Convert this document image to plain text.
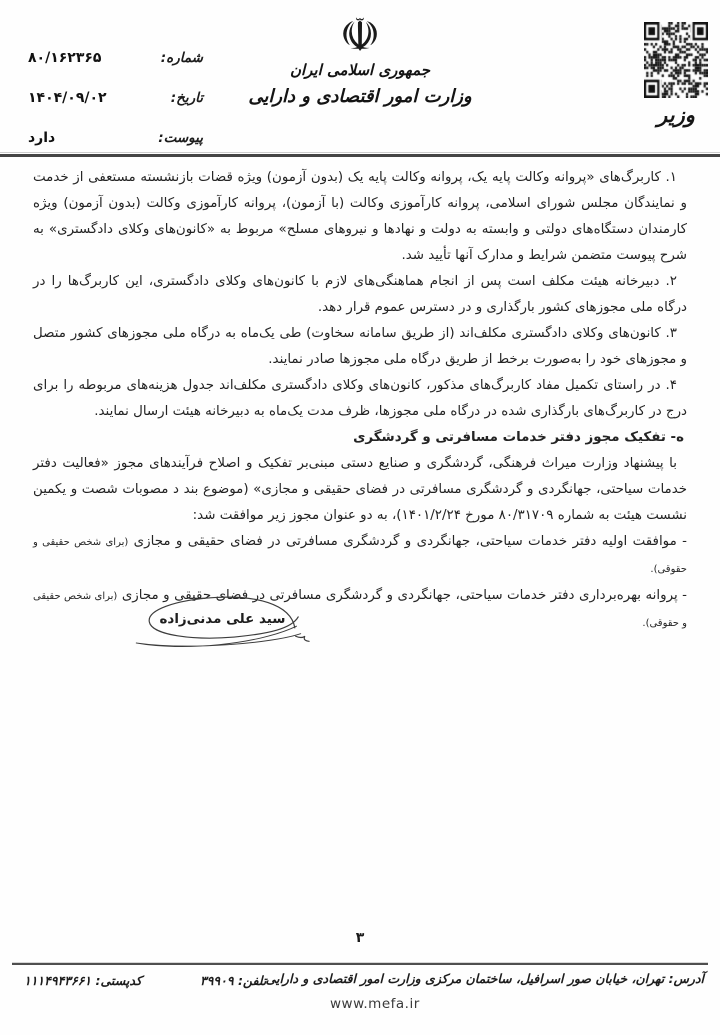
شماره:
۸۰/۱۶۲۳۶۵
تاریخ:
۱۴۰۴/۰۹/۰۲
پیوست:
دارد
☫
جمهوری اسلامی ایران
وزارت امور اقتصادی و دارایی
وزیر

۱. کاربرگ‌های «پروانه وکالت پایه یک، پروانه وکالت پایه یک (بدون آزمون) ویژه قضات بازنشسته مستعفی از خدمت و نمایندگان مجلس شورای اسلامی، پروانه کارآموزی وکالت (با آزمون)، پروانه کارآموزی وکالت (بدون آزمون) ویژه کارمندان دستگاه‌های دولتی و وابسته به دولت و نهادها و نیروهای مسلح» مربوط به «کانون‌های وکلای دادگستری» به شرح پیوست متضمن شرایط و مدارک آنها تأیید شد.

۲. دبیرخانه هیئت مکلف است پس از انجام هماهنگی‌های لازم با کانون‌های وکلای دادگستری، این کاربرگ‌ها را در درگاه ملی مجوزهای کشور بارگذاری و در دسترس عموم قرار دهد.

۳. کانون‌های وکلای دادگستری مکلف‌اند (از طریق سامانه سخاوت) طی یک‌ماه به درگاه ملی مجوزهای کشور متصل و مجوزهای خود را به‌صورت برخط از طریق درگاه ملی مجوزها صادر نمایند.

۴. در راستای تکمیل مفاد کاربرگ‌های مذکور، کانون‌های وکلای دادگستری مکلف‌اند جدول هزینه‌های مربوطه را برای درج در کاربرگ‌های بارگذاری شده در درگاه ملی مجوزها، ظرف مدت یک‌ماه به دبیرخانه هیئت ارسال نمایند.

ه- تفکیک مجوز دفتر خدمات مسافرتی و گردشگری

با پیشنهاد وزارت میراث فرهنگی، گردشگری و صنایع دستی مبنی‌بر تفکیک و اصلاح فرآیندهای مجوز «فعالیت دفتر خدمات سیاحتی، جهانگردی و گردشگری مسافرتی در فضای حقیقی و مجازی» (موضوع بند د مصوبات شصت و یکمین نشست هیئت به شماره ۸۰/۳۱۷۰۹ مورخ ۱۴۰۱/۲/۲۴)، به دو عنوان مجوز زیر موافقت شد:

- موافقت اولیه دفتر خدمات سیاحتی، جهانگردی و گردشگری مسافرتی در فضای حقیقی و مجازی (برای شخص حقیقی و حقوقی).

- پروانه بهره‌برداری دفتر خدمات سیاحتی، جهانگردی و گردشگری مسافرتی در فضای حقیقی و مجازی (برای شخص حقیقی و حقوقی).

سید علی مدنی‌زاده
۳
آدرس: تهران، خیابان صور اسرافیل، ساختمان مرکزی وزارت امور اقتصادی و دارایی
تلفن: ۳۹۹۰۹
کدپستی: ۱۱۱۴۹۴۳۶۶۱
www.mefa.ir
